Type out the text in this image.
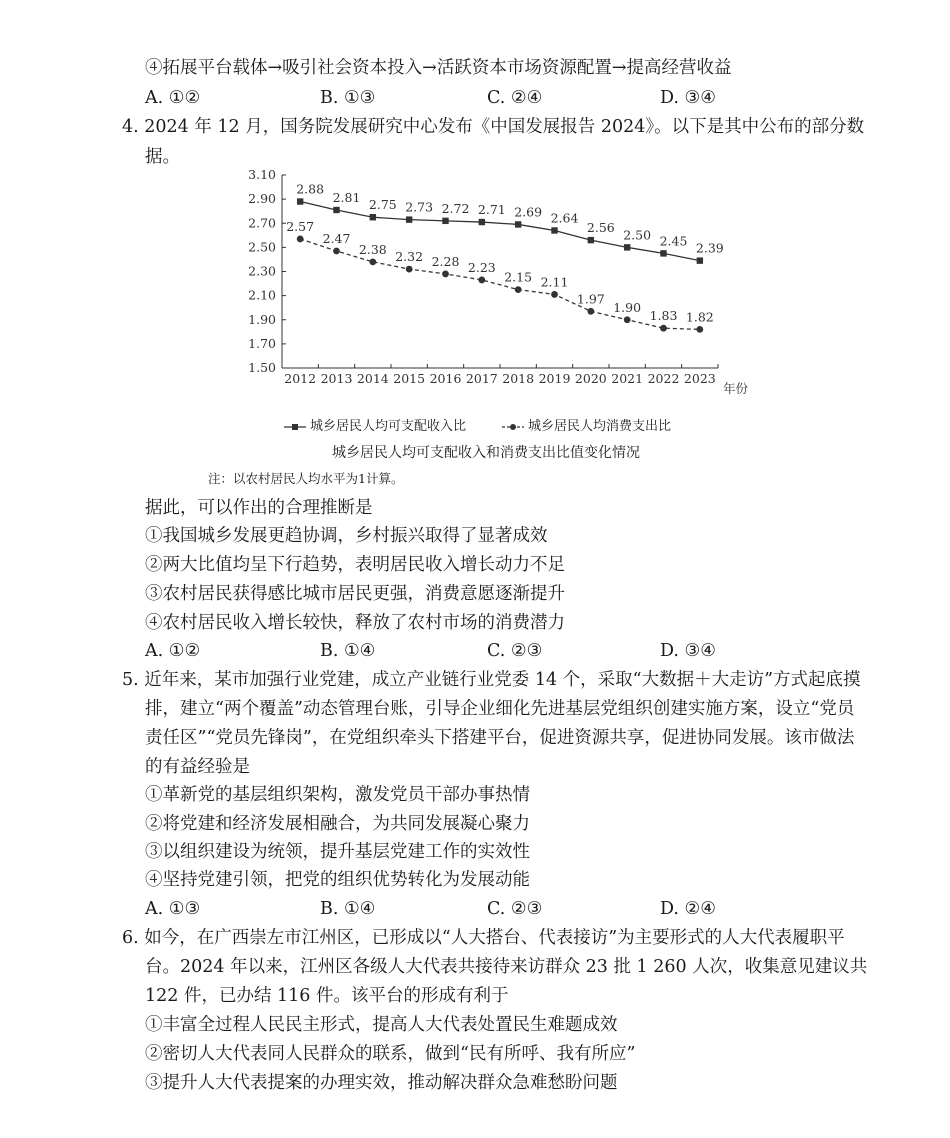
④拓展平台载体→吸引社会资本投入→活跃资本市场资源配置→提高经营收益
A. ①②	B. ①③	C. ②④	D. ③④
4. 2024 年 12 月，国务院发展研究中心发布《中国发展报告 2024》。以下是其中公布的部分数
据。
3.10
2.90
2.70
2.50
2.30
2.10
1.90
1.70
1.50
2012 2013 2014 2015 2016 2017 2018 2019 2020 2021 2022 2023
年份
2.88
2.81 2.75 2.73 2.72 2.71 2.69 2.64
2.56 2.50 2.45 2.39
2.57
2.47
2.38 2.32 2.28 2.23
2.15 2.11
1.97
1.90
1.83 1.82
城乡居民人均可支配收入比	城乡居民人均消费支出比
城乡居民人均可支配收入和消费支出比值变化情况
注：以农村居民人均水平为1计算。
据此，可以作出的合理推断是
①我国城乡发展更趋协调，乡村振兴取得了显著成效
②两大比值均呈下行趋势，表明居民收入增长动力不足
③农村居民获得感比城市居民更强，消费意愿逐渐提升
④农村居民收入增长较快，释放了农村市场的消费潜力
A. ①②	B. ①④	C. ②③	D. ③④
5. 近年来，某市加强行业党建，成立产业链行业党委 14 个，采取“大数据＋大走访”方式起底摸
排，建立“两个覆盖”动态管理台账，引导企业细化先进基层党组织创建实施方案，设立“党员
责任区”“党员先锋岗”，在党组织牵头下搭建平台，促进资源共享，促进协同发展。该市做法
的有益经验是
①革新党的基层组织架构，激发党员干部办事热情
②将党建和经济发展相融合，为共同发展凝心聚力
③以组织建设为统领，提升基层党建工作的实效性
④坚持党建引领，把党的组织优势转化为发展动能
A. ①③	B. ①④	C. ②③	D. ②④
6. 如今，在广西崇左市江州区，已形成以“人大搭台、代表接访”为主要形式的人大代表履职平
台。2024 年以来，江州区各级人大代表共接待来访群众 23 批 1 260 人次，收集意见建议共
122 件，已办结 116 件。该平台的形成有利于
①丰富全过程人民民主形式，提高人大代表处置民生难题成效
②密切人大代表同人民群众的联系，做到“民有所呼、我有所应”
③提升人大代表提案的办理实效，推动解决群众急难愁盼问题
